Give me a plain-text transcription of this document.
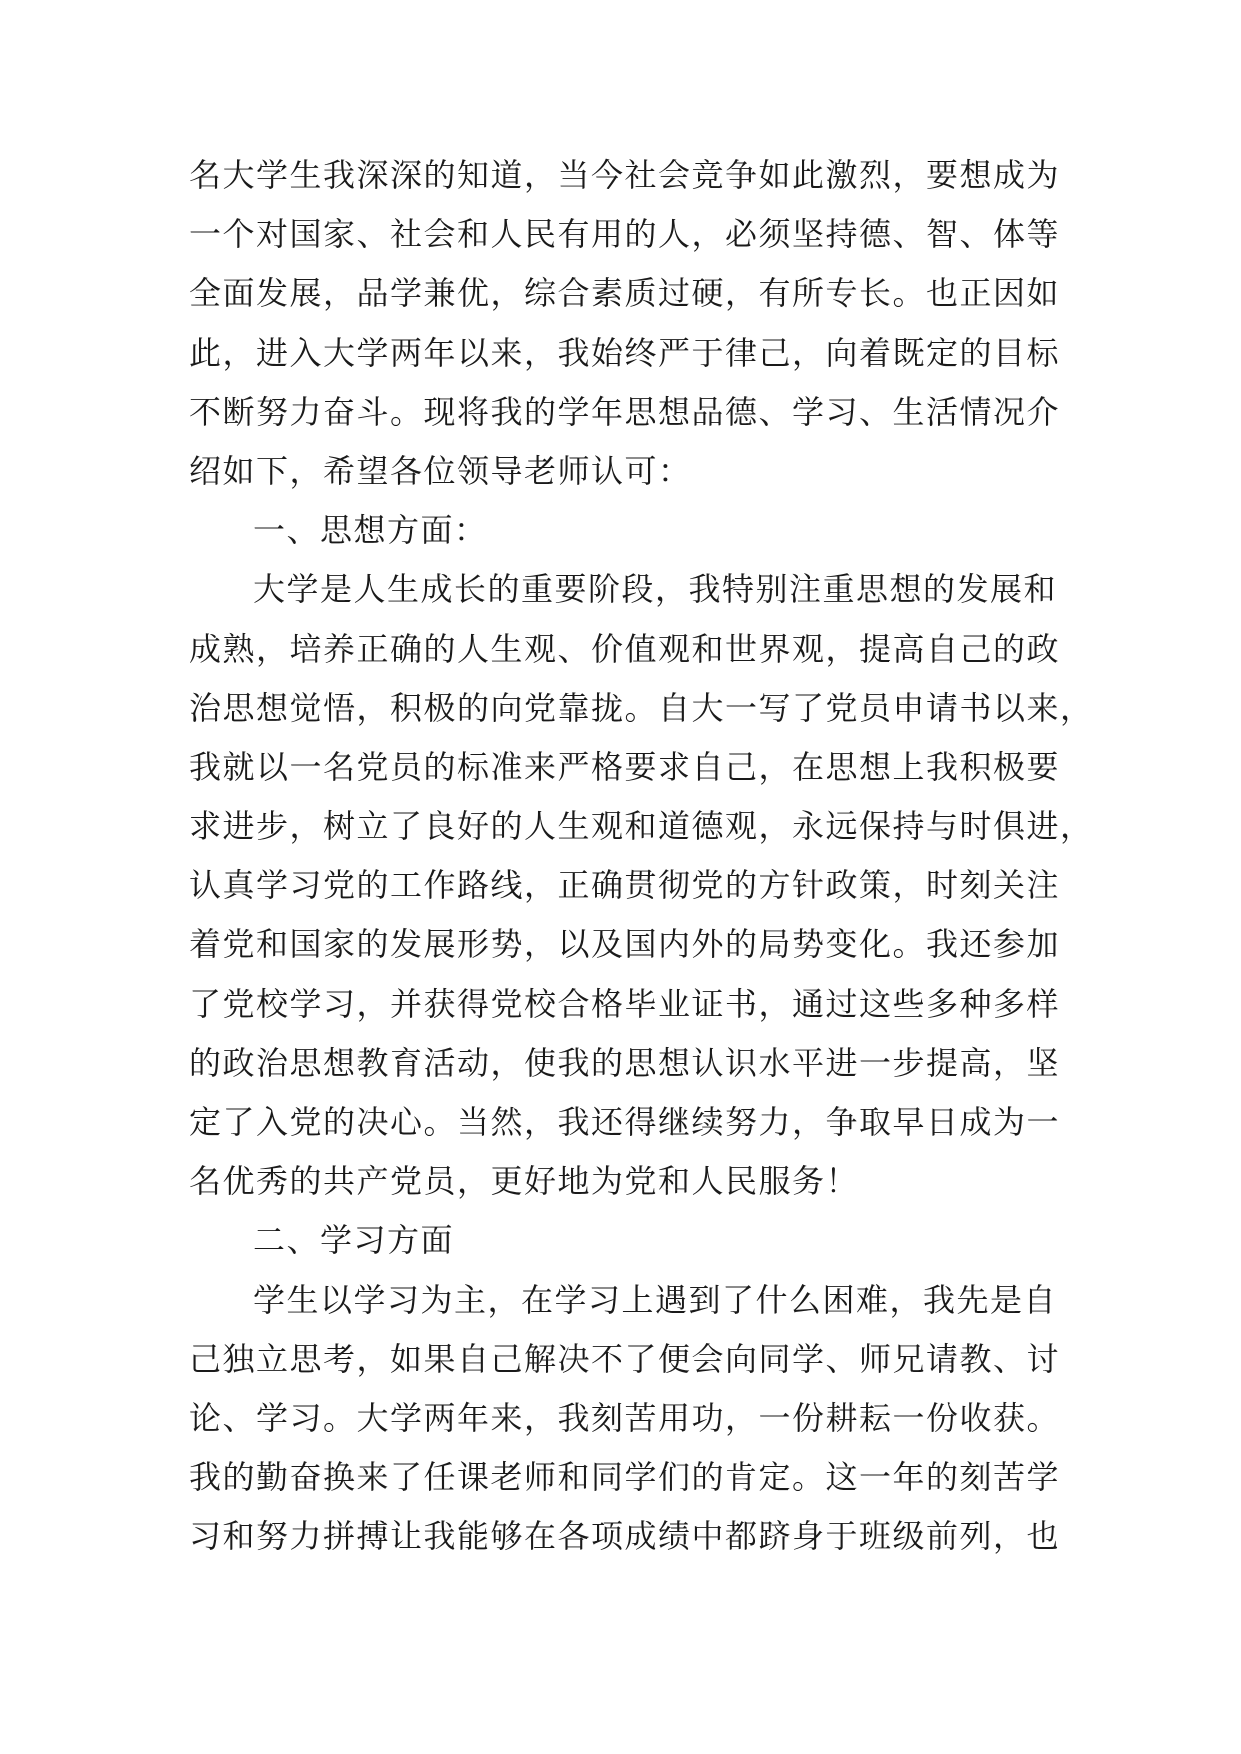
名大学生我深深的知道，当今社会竞争如此激烈，要想成为
一个对国家、社会和人民有用的人，必须坚持德、智、体等
全面发展，品学兼优，综合素质过硬，有所专长。也正因如
此，进入大学两年以来，我始终严于律己，向着既定的目标
不断努力奋斗。现将我的学年思想品德、学习、生活情况介
绍如下，希望各位领导老师认可：
一、思想方面：
大学是人生成长的重要阶段，我特别注重思想的发展和
成熟，培养正确的人生观、价值观和世界观，提高自己的政
治思想觉悟，积极的向党靠拢。自大一写了党员申请书以来，
我就以一名党员的标准来严格要求自己，在思想上我积极要
求进步，树立了良好的人生观和道德观，永远保持与时俱进，
认真学习党的工作路线，正确贯彻党的方针政策，时刻关注
着党和国家的发展形势，以及国内外的局势变化。我还参加
了党校学习，并获得党校合格毕业证书，通过这些多种多样
的政治思想教育活动，使我的思想认识水平进一步提高，坚
定了入党的决心。当然，我还得继续努力，争取早日成为一
名优秀的共产党员，更好地为党和人民服务！
二、学习方面
学生以学习为主，在学习上遇到了什么困难，我先是自
己独立思考，如果自己解决不了便会向同学、师兄请教、讨
论、学习。大学两年来，我刻苦用功，一份耕耘一份收获。
我的勤奋换来了任课老师和同学们的肯定。这一年的刻苦学
习和努力拼搏让我能够在各项成绩中都跻身于班级前列，也
